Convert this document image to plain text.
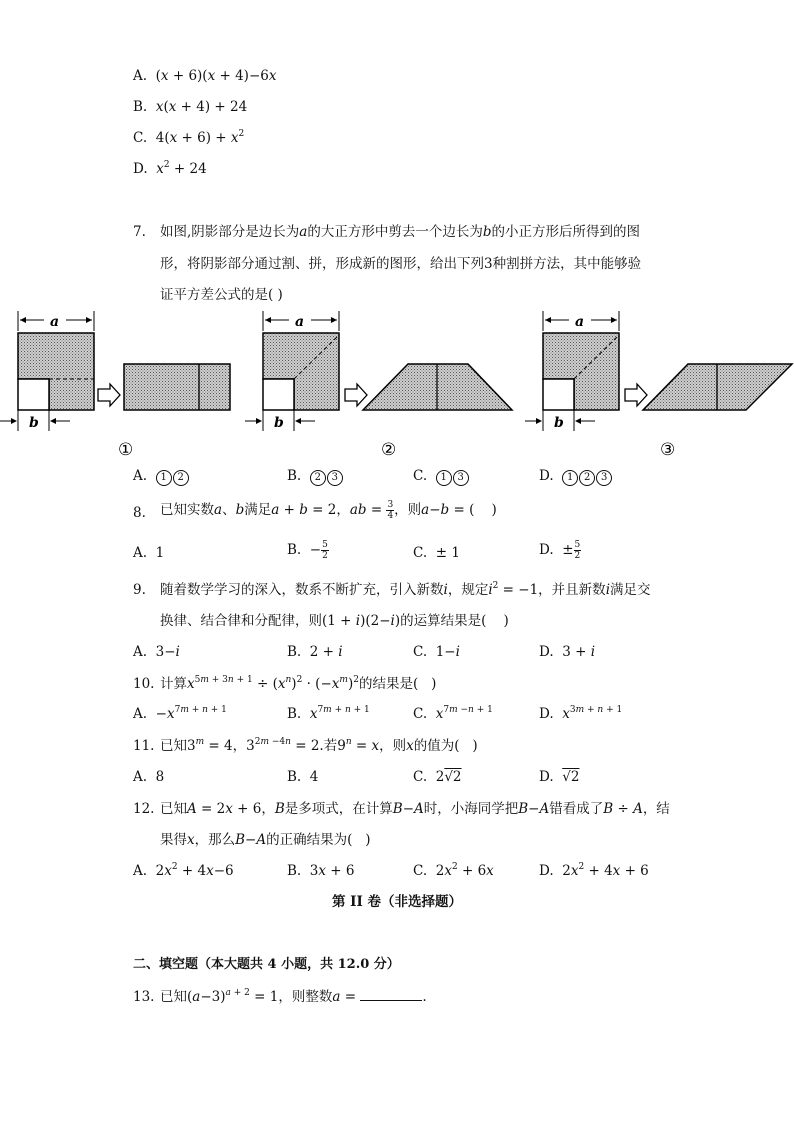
A. (x + 6)(x + 4)−6x
B. x(x + 4) + 24
C. $4(x + 6) + x^2$
D. $x^2 + 24$
7. 如图,阴影部分是边长为a的大正方形中剪去一个边长为b的小正方形后所得到的图
形，将阴影部分通过割、拼，形成新的图形，给出下列3种割拼方法，其中能够验
证平方差公式的是( )
a
b
①
a
b
②
a
b
③
A. 1 2	B. 2 3	C. 1 3	D. 1 2 3
8. 已知实数a、b满足a + b = 2，ab = $\frac{3}{4}$ ，则a−b = (    )
A.  1	B.  − $\frac{5}{2}$	C.  ± 1	D.  ± $\frac{5}{2}$
9. 随着数学学习的深入，数系不断扩充，引入新数i，规定$i^2 = -1$，并且新数i满足交
换律、结合律和分配律，则(1 + i)(2−i)的运算结果是(    )
A.  3−i	B.  2 + i	C.  1−i	D.  3 + i
10. 计算$x^{5m + 3n + 1} \div (x^n)^2 \cdot (-x^m)^2$的结果是(   )
A.  $-x^{7m + n + 1}$	B. $x^{7m + n + 1}$	C. $x^{7m -n + 1}$	D. $x^{3m + n + 1}$
11. 已知$3^m = 4$，$3^{2m -4n} = 2$.若$9^n = x$，则x的值为(   )
A.  8	B.  4	C.  2√2	D. √2
12. 已知A = 2x + 6，B是多项式，在计算B−A时，小海同学把B−A错看成了B ÷ A，结
果得x，那么B−A的正确结果为(   )
A.  $2x^2 + 4x-6$	B.  3x + 6	C.  $2x^2 + 6x$	D.  $2x^2 + 4x + 6$
第 II 卷（非选择题）
二、填空题（本大题共 4 小题，共 12.0 分）
13. 已知$(a-3)^{a + 2} = 1$，则整数a =	.
